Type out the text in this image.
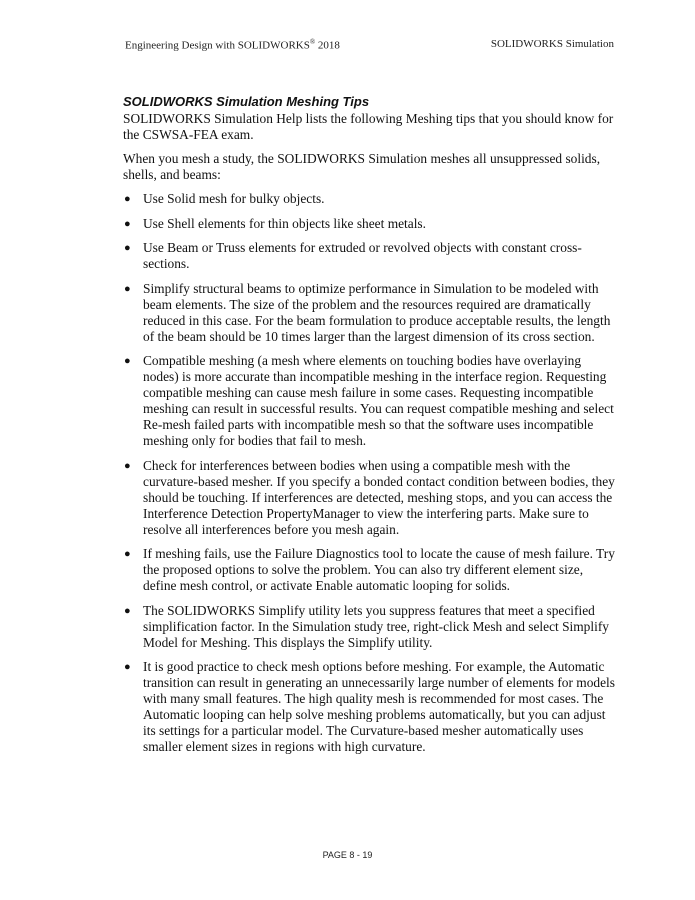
Engineering Design with SOLIDWORKS® 2018	SOLIDWORKS Simulation
SOLIDWORKS Simulation Meshing Tips

SOLIDWORKS Simulation Help lists the following Meshing tips that you should know for the CSWSA-FEA exam.

When you mesh a study, the SOLIDWORKS Simulation meshes all unsuppressed solids, shells, and beams:

● Use Solid mesh for bulky objects.
● Use Shell elements for thin objects like sheet metals.
● Use Beam or Truss elements for extruded or revolved objects with constant cross-sections.
● Simplify structural beams to optimize performance in Simulation to be modeled with beam elements. The size of the problem and the resources required are dramatically reduced in this case. For the beam formulation to produce acceptable results, the length of the beam should be 10 times larger than the largest dimension of its cross section.
● Compatible meshing (a mesh where elements on touching bodies have overlaying nodes) is more accurate than incompatible meshing in the interface region. Requesting compatible meshing can cause mesh failure in some cases. Requesting incompatible meshing can result in successful results. You can request compatible meshing and select Re-mesh failed parts with incompatible mesh so that the software uses incompatible meshing only for bodies that fail to mesh.
● Check for interferences between bodies when using a compatible mesh with the curvature-based mesher. If you specify a bonded contact condition between bodies, they should be touching. If interferences are detected, meshing stops, and you can access the Interference Detection PropertyManager to view the interfering parts. Make sure to resolve all interferences before you mesh again.
● If meshing fails, use the Failure Diagnostics tool to locate the cause of mesh failure. Try the proposed options to solve the problem. You can also try different element size, define mesh control, or activate Enable automatic looping for solids.
● The SOLIDWORKS Simplify utility lets you suppress features that meet a specified simplification factor. In the Simulation study tree, right-click Mesh and select Simplify Model for Meshing. This displays the Simplify utility.
● It is good practice to check mesh options before meshing. For example, the Automatic transition can result in generating an unnecessarily large number of elements for models with many small features. The high quality mesh is recommended for most cases. The Automatic looping can help solve meshing problems automatically, but you can adjust its settings for a particular model. The Curvature-based mesher automatically uses smaller element sizes in regions with high curvature.
PAGE 8 - 19
